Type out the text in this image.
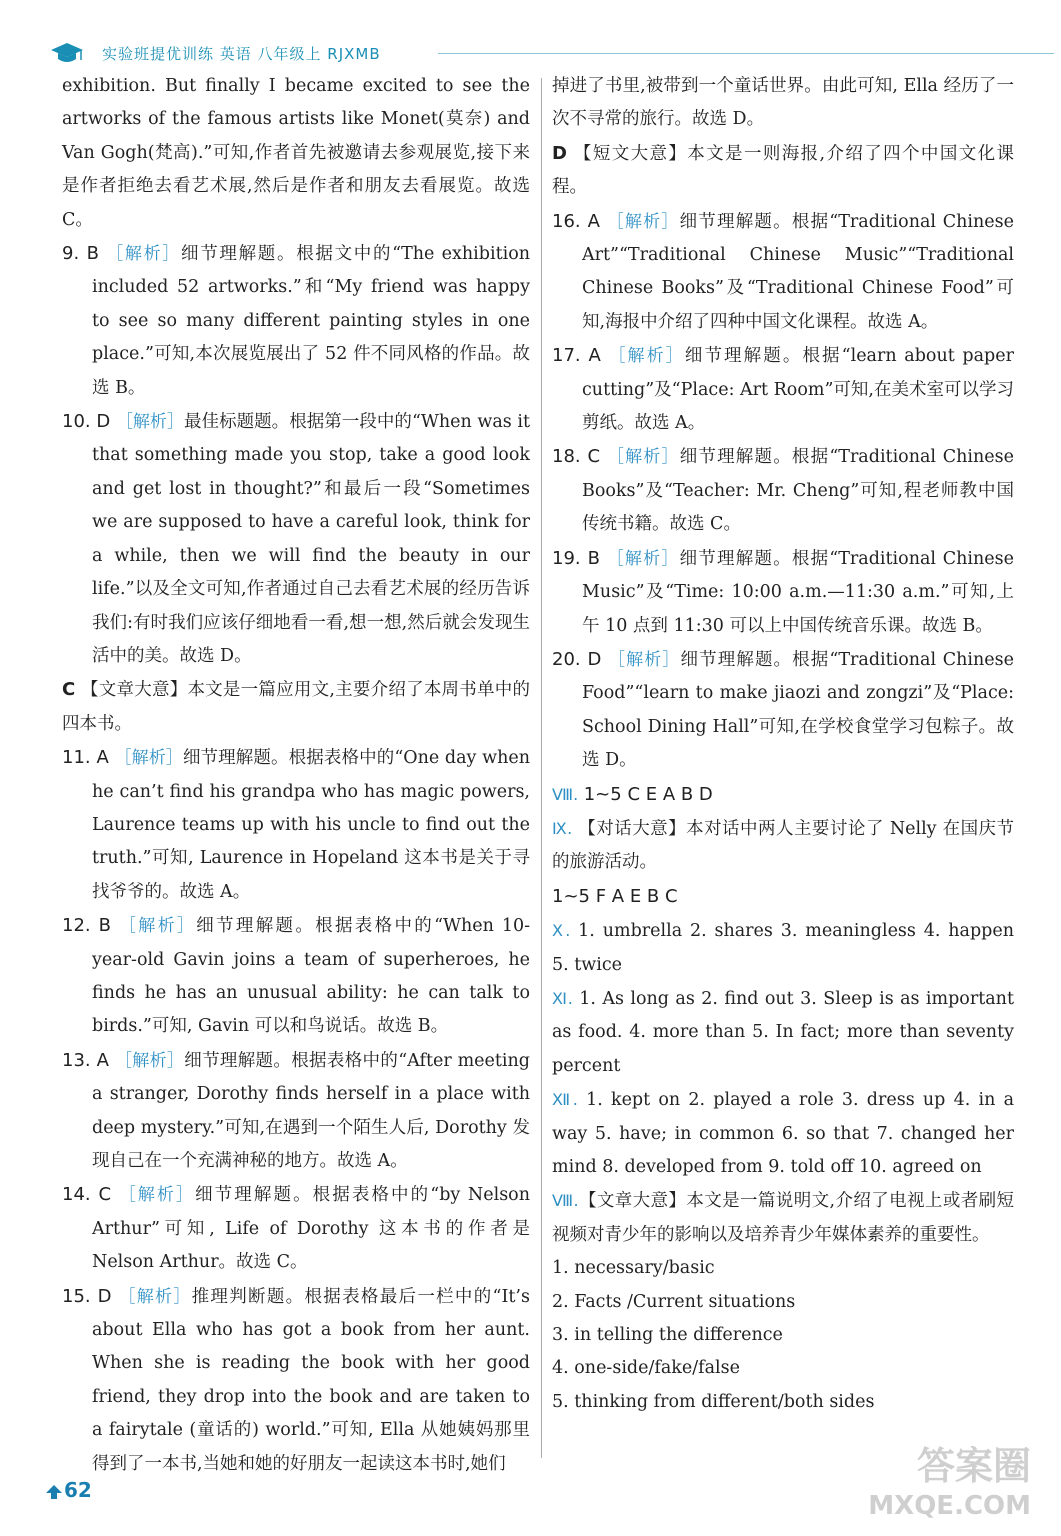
实验班提优训练 英语 八年级上 RJXMB

exhibition. But finally I became excited to see the artworks of the famous artists like Monet(莫奈) and Van Gogh(梵高).”可知,作者首先被邀请去参观展览,接下来是作者拒绝去看艺术展,然后是作者和朋友去看展览。故选 C。

9. B ［解析］细节理解题。根据文中的“The exhibition included 52 artworks.”和“My friend was happy to see so many different painting styles in one place.”可知,本次展览展出了 52 件不同风格的作品。故选 B。

10. D ［解析］最佳标题题。根据第一段中的“When was it that something made you stop, take a good look and get lost in thought?”和最后一段“Sometimes we are supposed to have a careful look, think for a while, then we will find the beauty in our life.”以及全文可知,作者通过自己去看艺术展的经历告诉我们:有时我们应该仔细地看一看,想一想,然后就会发现生活中的美。故选 D。

C 【文章大意】本文是一篇应用文,主要介绍了本周书单中的四本书。

11. A ［解析］细节理解题。根据表格中的“One day when he can’t find his grandpa who has magic powers, Laurence teams up with his uncle to find out the truth.”可知, Laurence in Hopeland 这本书是关于寻找爷爷的。故选 A。

12. B ［解析］细节理解题。根据表格中的“When 10-year-old Gavin joins a team of superheroes, he finds he has an unusual ability: he can talk to birds.”可知, Gavin 可以和鸟说话。故选 B。

13. A ［解析］细节理解题。根据表格中的“After meeting a stranger, Dorothy finds herself in a place with deep mystery.”可知,在遇到一个陌生人后, Dorothy 发现自己在一个充满神秘的地方。故选 A。

14. C ［解析］细节理解题。根据表格中的“by Nelson Arthur”可知, Life of Dorothy 这本书的作者是 Nelson Arthur。故选 C。

15. D ［解析］推理判断题。根据表格最后一栏中的“It’s about Ella who has got a book from her aunt. When she is reading the book with her good friend, they drop into the book and are taken to a fairytale (童话的) world.”可知, Ella 从她姨妈那里得到了一本书,当她和她的好朋友一起读这本书时,她们

掉进了书里,被带到一个童话世界。由此可知, Ella 经历了一次不寻常的旅行。故选 D。

D 【短文大意】本文是一则海报,介绍了四个中国文化课程。

16. A ［解析］细节理解题。根据“Traditional Chinese Art”“Traditional Chinese Music”“Traditional Chinese Books”及“Traditional Chinese Food”可知,海报中介绍了四种中国文化课程。故选 A。

17. A ［解析］细节理解题。根据“learn about paper cutting”及“Place: Art Room”可知,在美术室可以学习剪纸。故选 A。

18. C ［解析］细节理解题。根据“Traditional Chinese Books”及“Teacher: Mr. Cheng”可知,程老师教中国传统书籍。故选 C。

19. B ［解析］细节理解题。根据“Traditional Chinese Music”及“Time: 10:00 a.m.—11:30 a.m.”可知,上午 10 点到 11:30 可以上中国传统音乐课。故选 B。

20. D ［解析］细节理解题。根据“Traditional Chinese Food”“learn to make jiaozi and zongzi”及“Place: School Dining Hall”可知,在学校食堂学习包粽子。故选 D。

Ⅷ. 1~5 C E A B D

Ⅸ. 【对话大意】本对话中两人主要讨论了 Nelly 在国庆节的旅游活动。

1~5 F A E B C

Ⅹ. 1. umbrella 2. shares 3. meaningless 4. happen 5. twice

Ⅺ. 1. As long as 2. find out 3. Sleep is as important as food. 4. more than 5. In fact; more than seventy percent

Ⅻ. 1. kept on 2. played a role 3. dress up 4. in a way 5. have; in common 6. so that 7. changed her mind 8. developed from 9. told off 10. agreed on

Ⅷ.【文章大意】本文是一篇说明文,介绍了电视上或者刷短视频对青少年的影响以及培养青少年媒体素养的重要性。

1. necessary/basic

2. Facts /Current situations

3. in telling the difference

4. one-side/fake/false

5. thinking from different/both sides

62
答案圈
MXQE.COM
